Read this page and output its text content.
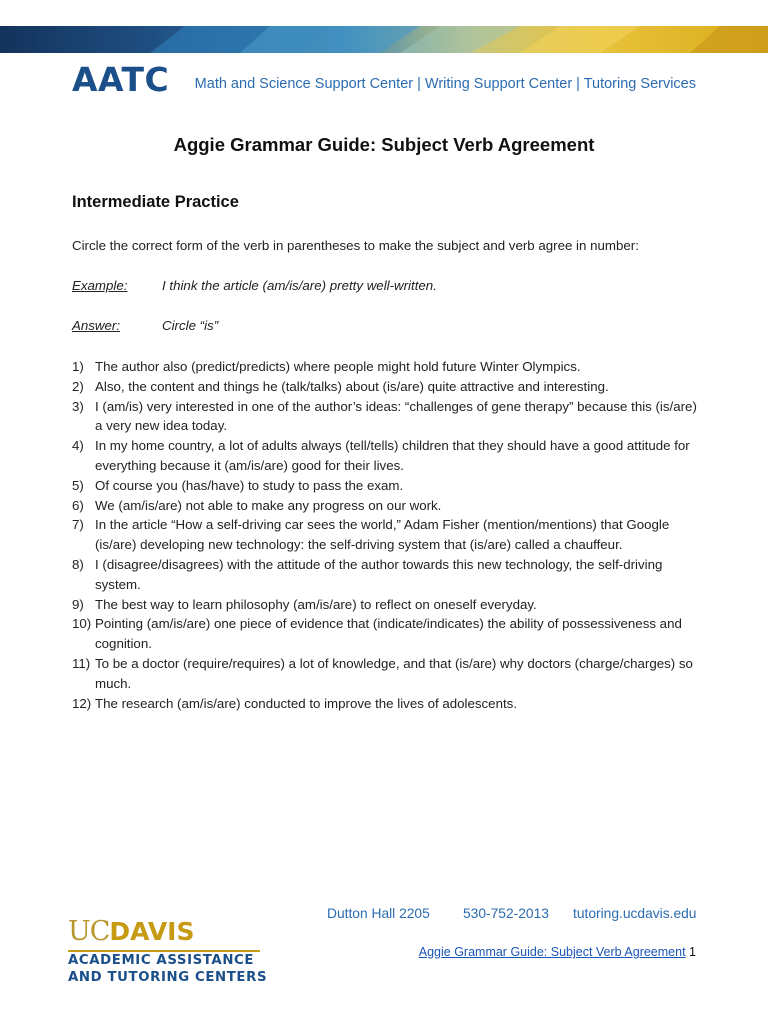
AATC Math and Science Support Center | Writing Support Center | Tutoring Services
Aggie Grammar Guide: Subject Verb Agreement
Intermediate Practice
Circle the correct form of the verb in parentheses to make the subject and verb agree in number:
Example:	I think the article (am/is/are) pretty well-written.
Answer:	Circle “is”
1) The author also (predict/predicts) where people might hold future Winter Olympics.
2) Also, the content and things he (talk/talks) about (is/are) quite attractive and interesting.
3) I (am/is) very interested in one of the author’s ideas: “challenges of gene therapy” because this (is/are) a very new idea today.
4) In my home country, a lot of adults always (tell/tells) children that they should have a good attitude for everything because it (am/is/are) good for their lives.
5) Of course you (has/have) to study to pass the exam.
6) We (am/is/are) not able to make any progress on our work.
7) In the article “How a self-driving car sees the world,” Adam Fisher (mention/mentions) that Google (is/are) developing new technology: the self-driving system that (is/are) called a chauffeur.
8) I (disagree/disagrees) with the attitude of the author towards this new technology, the self-driving system.
9) The best way to learn philosophy (am/is/are) to reflect on oneself everyday.
10) Pointing (am/is/are) one piece of evidence that (indicate/indicates) the ability of possessiveness and cognition.
11) To be a doctor (require/requires) a lot of knowledge, and that (is/are) why doctors (charge/charges) so much.
12) The research (am/is/are) conducted to improve the lives of adolescents.
Dutton Hall 2205 530-752-2013 tutoring.ucdavis.edu
Aggie Grammar Guide: Subject Verb Agreement 1
UCDAVIS
ACADEMIC ASSISTANCE
AND TUTORING CENTERS
